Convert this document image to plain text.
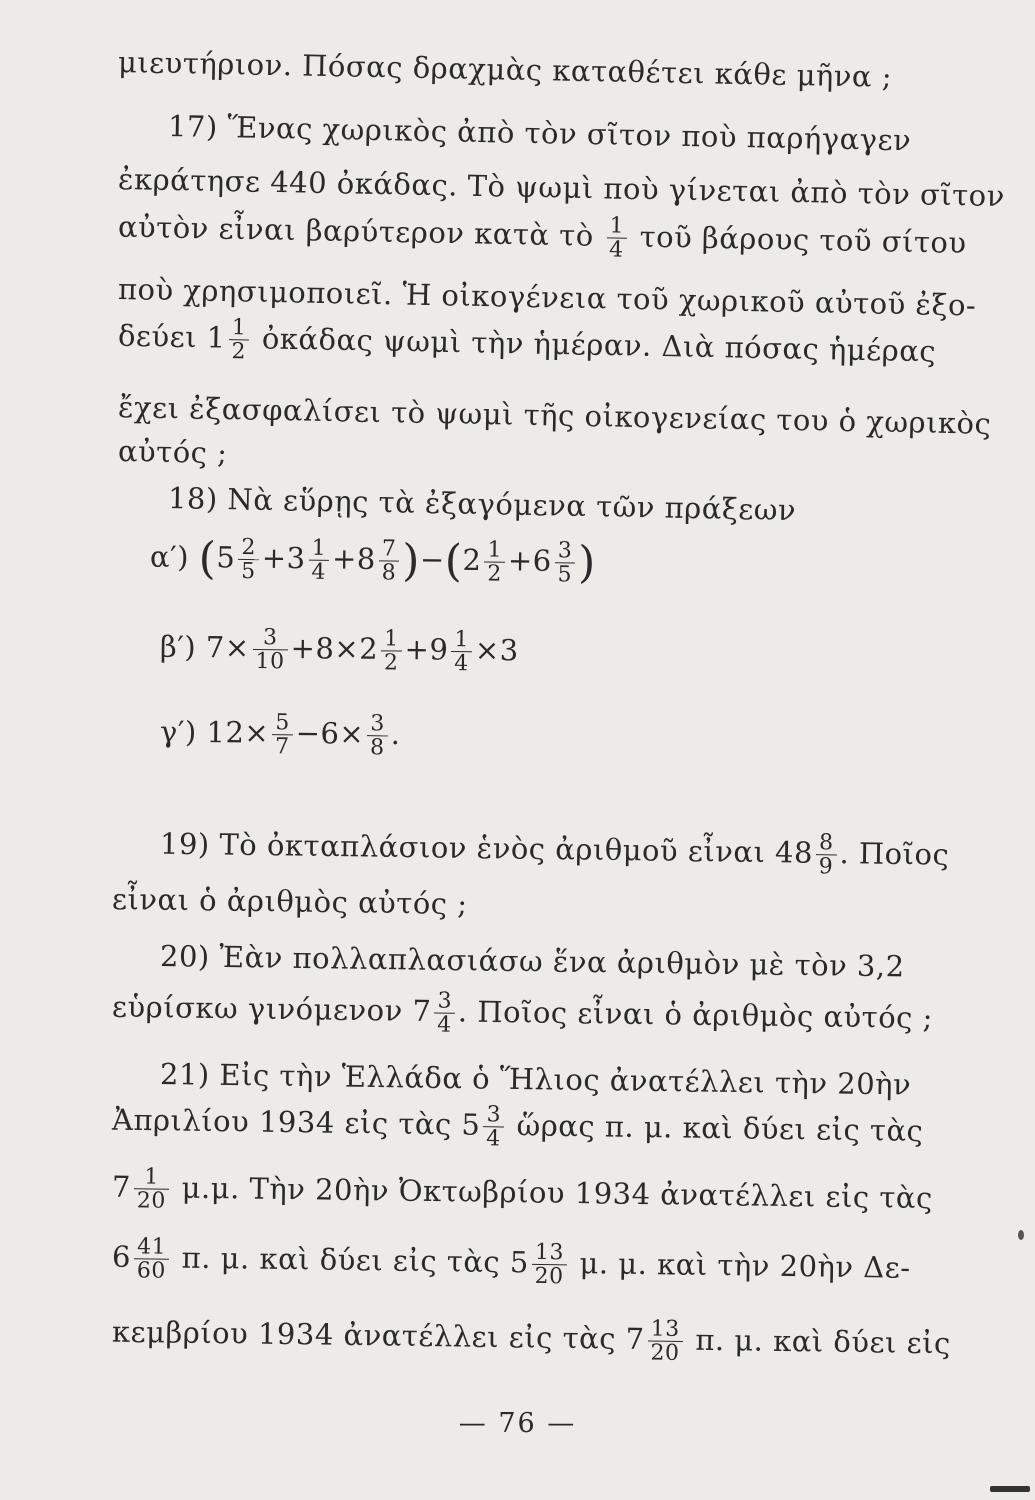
μιευτήριον. Πόσας δραχμὰς καταθέτει κάθε μῆνα ;
17) Ἕνας χωρικὸς ἀπὸ τὸν σῖτον ποὺ παρήγαγεν
ἐκράτησε 440 ὀκάδας. Τὸ ψωμὶ ποὺ γίνεται ἀπὸ τὸν σῖτον
αὐτὸν εἶναι βαρύτερον κατὰ τὸ $\frac{1}{4}$ τοῦ βάρους τοῦ σίτου
ποὺ χρησιμοποιεῖ. Ἡ οἰκογένεια τοῦ χωρικοῦ αὐτοῦ ἐξο-
δεύει $1 \frac{1}{2}$ ὀκάδας ψωμὶ τὴν ἡμέραν. Διὰ πόσας ἡμέρας
ἔχει ἐξασφαλίσει τὸ ψωμὶ τῆς οἰκογενείας του ὁ χωρικὸς
αὐτός ;
18) Νὰ εὕρῃς τὰ ἐξαγόμενα τῶν πράξεων
α′) $(5 \frac{2}{5} +3 \frac{1}{4} +8 \frac{7}{8} )-(2 \frac{1}{2} +6 \frac{3}{5}$ )
β′) $7\times \frac{3}{10} +8\times 2 \frac{1}{2} +9 \frac{1}{4} \times 3$
γ′) $12\times \frac{5}{7} -6\times \frac{3}{8}$ .
19) Τὸ ὀκταπλάσιον ἑνὸς ἀριθμοῦ εἶναι $48 \frac{8}{9}$ . Ποῖος
εἶναι ὁ ἀριθμὸς αὐτός ;
20) Ἐὰν πολλαπλασιάσω ἕνα ἀριθμὸν μὲ τὸν 3,2
εὑρίσκω γινόμενον $7 \frac{3}{4}$ . Ποῖος εἶναι ὁ ἀριθμὸς αὐτός ;
21) Εἰς τὴν Ἑλλάδα ὁ Ἥλιος ἀνατέλλει τὴν 20ὴν
Ἀπριλίου 1934 εἰς τὰς $5 \frac{3}{4}$ ὥρας π. μ. καὶ δύει εἰς τὰς
$7 \frac{1}{20} \mu.\mu$. Τὴν 20ὴν Ὀκτωβρίου 1934 ἀνατέλλει εἰς τὰς
$6 \frac{41}{60} \pi$. μ. καὶ δύει εἰς τὰς $5 \frac{13}{20} \mu$. μ. καὶ τὴν 20ὴν Δε-
κεμβρίου 1934 ἀνατέλλει εἰς τὰς $7 \frac{13}{20} \pi$. μ. καὶ δύει εἰς
— 76 —
